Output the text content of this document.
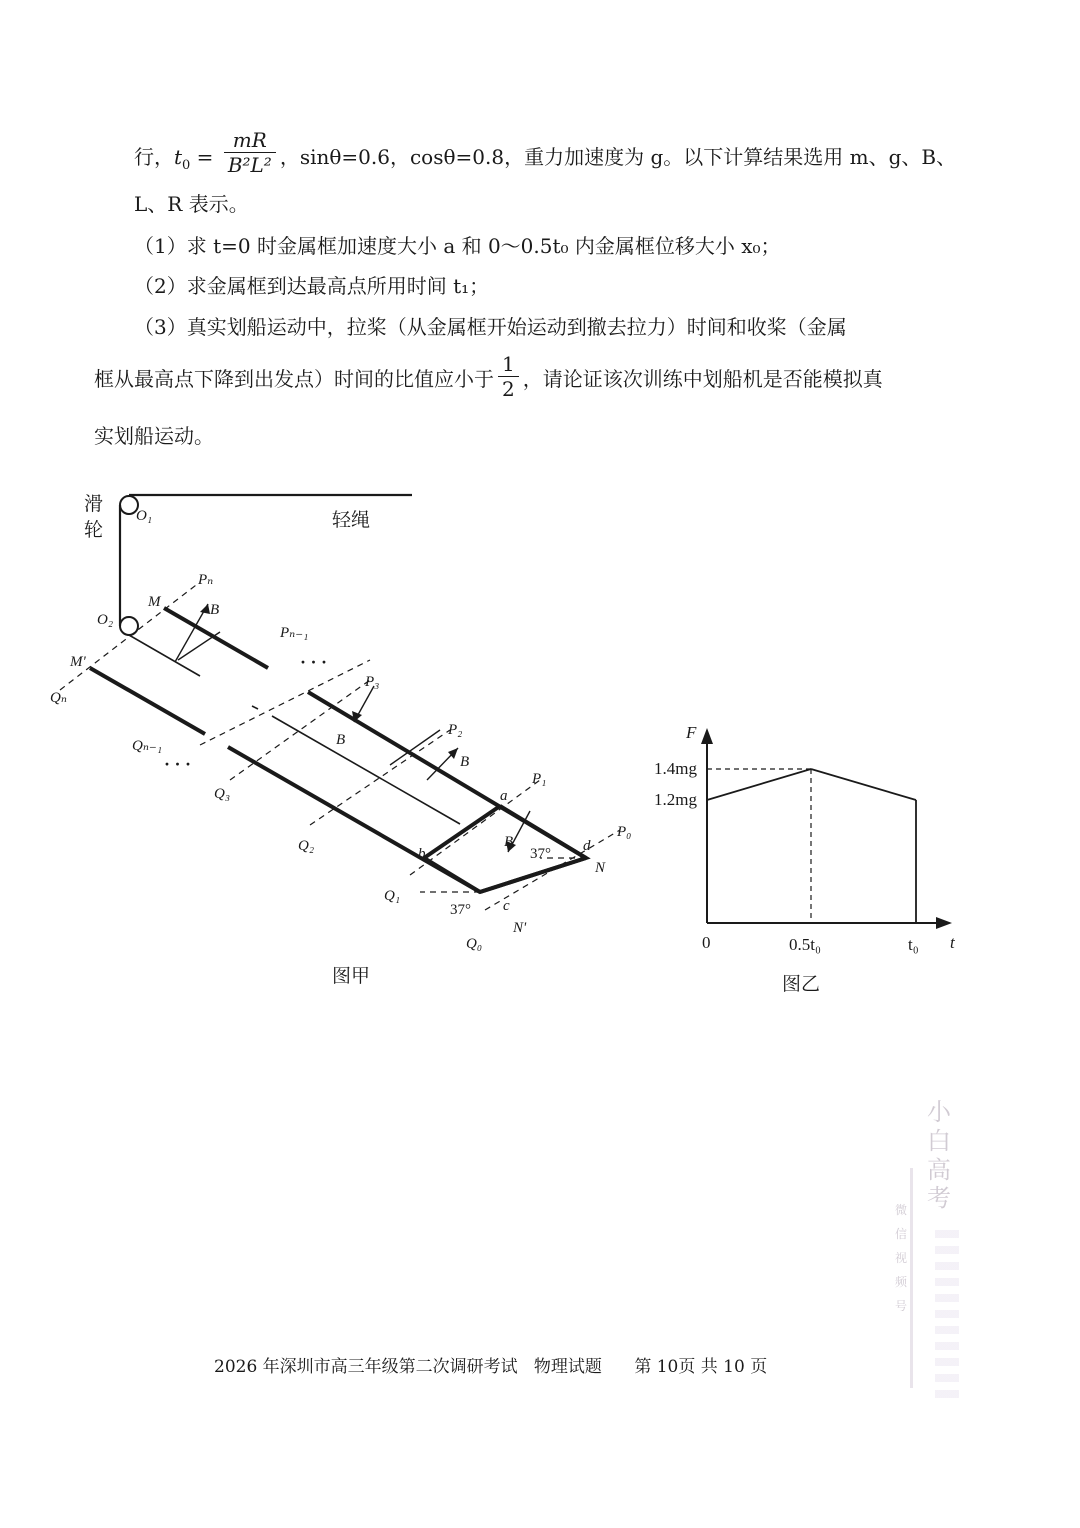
行，$t_0 = \frac{mR}{\text{B²L²}}$ ，sinθ=0.6，cosθ=0.8，重力加速度为 g。以下计算结果选用 m、g、B、
L、R 表示。
（1）求 t=0 时金属框加速度大小 a 和 0～0.5t₀ 内金属框位移大小 x₀；
（2）求金属框到达最高点所用时间 t₁；
（3）真实划船运动中，拉桨（从金属框开始运动到撤去拉力）时间和收桨（金属
框从最高点下降到出发点）时间的比值应小于 $\frac{1}{2}$ ，请论证该次训练中划船机是否能模拟真
实划船运动。
滑
轮	轻绳
O₁
O₂
M
M'
N
N'
Pₙ
Pₙ₋₁
P₃
P₂
P₁
P₀
Qₙ
Qₙ₋₁
Q₃
Q₂
Q₁
Q₀
a
b
c
d
B
B
B
B
37°
37°
· · ·
· · ·
图甲
F
t
0
1.4mg
1.2mg
0.5t₀	t₀
图乙
小白高考
微信视频号
2026 年深圳市高三年级第二次调研考试 物理试题 第 10页 共 10 页
